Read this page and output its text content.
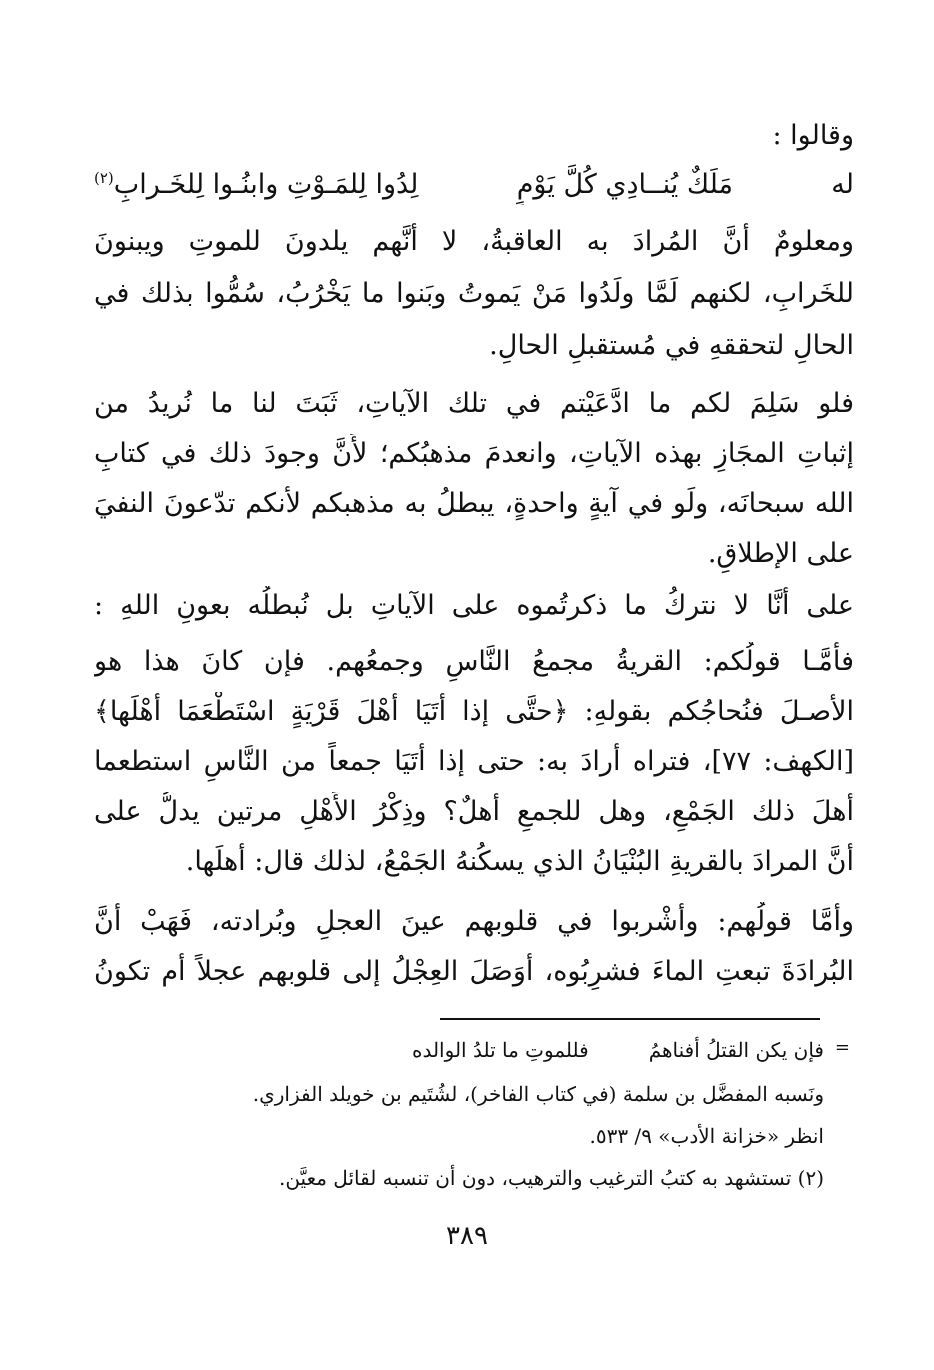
وقالوا :
له
مَلَكٌ يُنــادِي كُلَّ يَوْمٍ
لِدُوا لِلمَـوْتِ وابنُـوا لِلخَـرابِ$^{(٢)}$
ومعلومٌ أَنَّ المُرادَ به العاقبةُ، لا أنَّهم يلدونَ للموتِ ويبنونَ
للخَرابِ، لكنهم لَمَّا ولَدُوا مَنْ يَموتُ وبَنوا ما يَخْرُبُ، سُمُّوا بذلك في
الحالِ لتحققهِ في مُستقبلِ الحالِ.
فلو سَلِمَ لكم ما ادَّعَيْتم في تلك الآياتِ، ثَبَتَ لنا ما نُريدُ من
إثباتِ المجَازِ بهذه الآياتِ، وانعدمَ مذهبُكم؛ لأَنَّ وجودَ ذلك في كتابِ
الله سبحانَه، ولَو في آيةٍ واحدةٍ، يبطلُ به مذهبكم لأنكم تدّعونَ النفيَ
على الإطلاقِ.
على أَنَّا لا نتركُ ما ذكرتُموه على الآياتِ بل نُبطلُه بعونِ اللهِ :
فأَمَّـا قولُكم: القريةُ مجمعُ النَّاسِ وجمعُهم. فإن كانَ هذا هو
الأصـلَ فنُحاجُكم بقولهِ: ﴿حتَّى إذا أَتَيَا أَهْلَ قَرْيَةٍ اسْتَطْعَمَا أَهْلَها﴾
[الكهف: ٧٧]، فتراه أرادَ به: حتى إذا أتَيَا جمعاً من النَّاسِ استطعما
أهلَ ذلك الجَمْعِ، وهل للجمعِ أهلٌ؟ وذِكْرُ الأَهْلِ مرتين يدلُّ على
أَنَّ المرادَ بالقريةِ البُنْيَانُ الذي يسكُنهُ الجَمْعُ، لذلك قال: أهلَها.
وأَمَّا قولُهم: وأُشْربوا في قلوبهم عينَ العجلِ وبُرادته، فَهَبْ أنَّ
البُرادَةَ تبعتِ الماءَ فشرِبُوه، أَوَصَلَ العِجْلُ إلى قلوبهم عجلاً أم تكونُ
=
فإن يكن القتلُ أفناهمُ
فللموتِ ما تلدُ الوالده
ونَسبه المفضَّل بن سلمة (في كتاب الفاخر)، لشُتَيم بن خويلد الفزاري.
انظر «خزانة الأدب» ٩/ ٥٣٣.
(٢) تستشهد به كتبُ الترغيب والترهيب، دون أن تنسبه لقائل معيَّن.
٣٨٩
